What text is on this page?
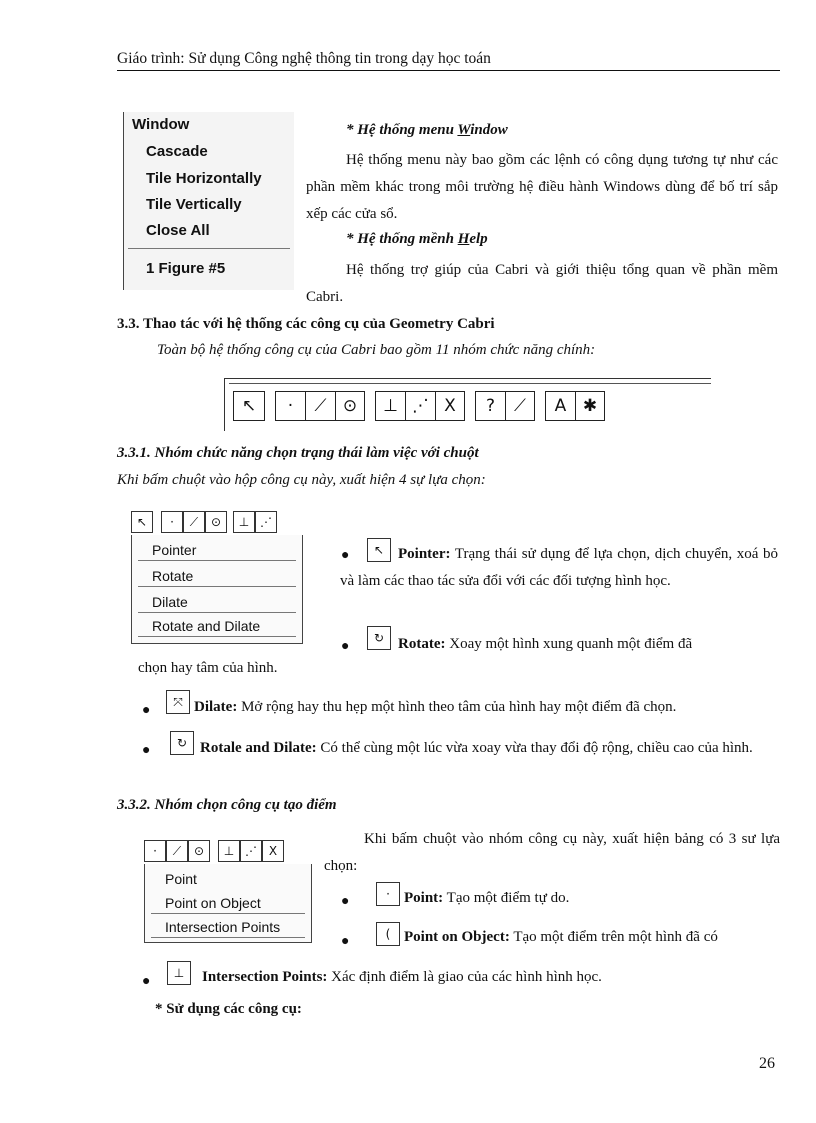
Giáo trình: Sử dụng Công nghệ thông tin trong dạy học toán
Window
Cascade
Tile Horizontally
Tile Vertically
Close All
1 Figure #5
* Hệ thống menu Window
Hệ thống menu này bao gồm các lệnh có công dụng tương tự như các phần mềm khác trong môi trường hệ điều hành Windows dùng để bố trí sắp xếp các cửa sổ.
* Hệ thống mềnh Help
Hệ thống trợ giúp của Cabri và giới thiệu tổng quan về phần mềm Cabri.
3.3. Thao tác với hệ thống các công cụ của Geometry Cabri
Toàn bộ hệ thống công cụ của Cabri bao gồm 11 nhóm chức năng chính:
↖	·	⟋ ⊙	⊥ ⋰ X	?	⟋	A ✱
3.3.1. Nhóm chức năng chọn trạng thái làm việc với chuột
Khi bấm chuột vào hộp công cụ này, xuất hiện 4 sự lựa chọn:
↖	·	⟋	⊙	⊥ ⋰
Pointer
Rotate
Dilate
Rotate and Dilate
●	↖ Pointer: Trạng thái sử dụng để lựa chọn, dịch chuyển, xoá bỏ và làm các thao tác sửa đổi với các đối tượng hình học.
●
↻ Rotate: Xoay một hình xung quanh một điểm đã
chọn hay tâm của hình.
●
⤧ Dilate: Mở rộng hay thu hẹp một hình theo tâm của hình hay một điểm đã chọn.
●	↻ Rotale and Dilate: Có thể cùng một lúc vừa xoay vừa thay đổi độ rộng, chiều cao của hình.
3.3.2. Nhóm chọn công cụ tạo điểm
·	⟋	⊙	⊥ ⋰ X
Point
Point on Object
Intersection Points
Khi bấm chuột vào nhóm công cụ này, xuất hiện bảng có 3 sư lựa chọn:
●	· Point: Tạo một điểm tự do.
●	( Point on Object: Tạo một điểm trên một hình đã có
●
⊥	Intersection Points: Xác định điểm là giao của các hình hình học.
* Sử dụng các công cụ:
26
